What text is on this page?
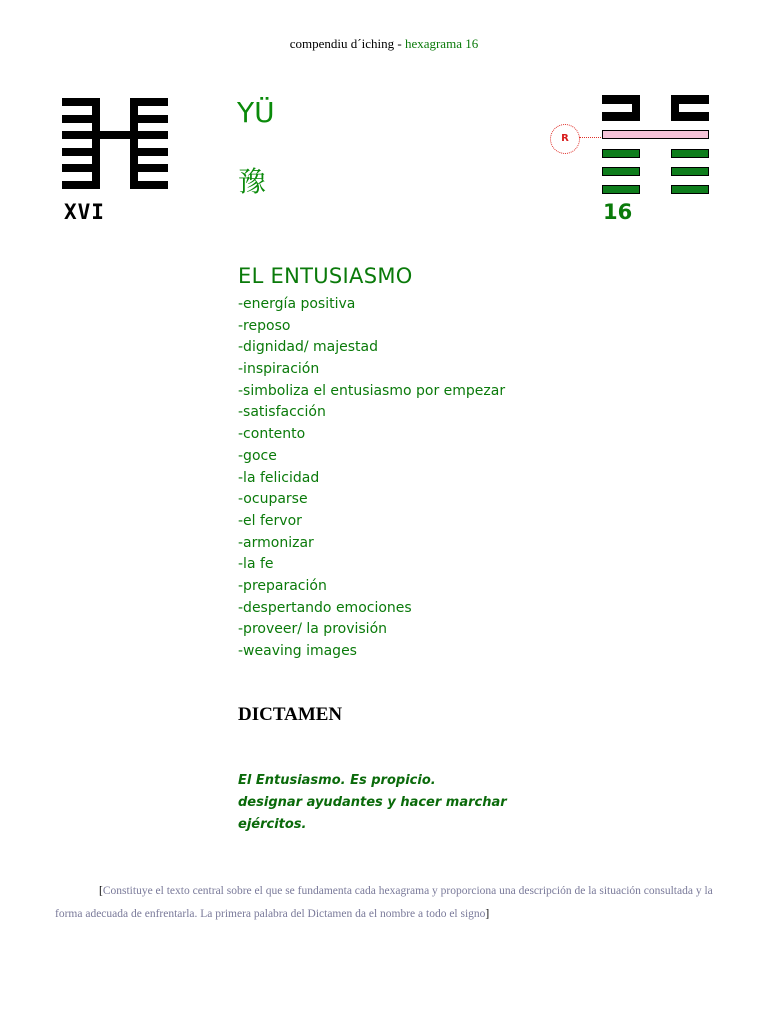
compendiu d´iching - hexagrama 16
XVI
R
16
YÜ
豫
EL ENTUSIASMO
-energía positiva
-reposo
-dignidad/ majestad
-inspiración
-simboliza el entusiasmo por empezar
-satisfacción
-contento
-goce
-la felicidad
-ocuparse
-el fervor
-armonizar
-la fe
-preparación
-despertando emociones
-proveer/ la provisión
-weaving images
DICTAMEN
El Entusiasmo. Es propicio.
designar ayudantes y hacer marchar
ejércitos.
[Constituye el texto central sobre el que se fundamenta cada hexagrama y proporciona una descripción de la situación consultada y la forma adecuada de enfrentarla. La primera palabra del Dictamen da el nombre a todo el signo]
